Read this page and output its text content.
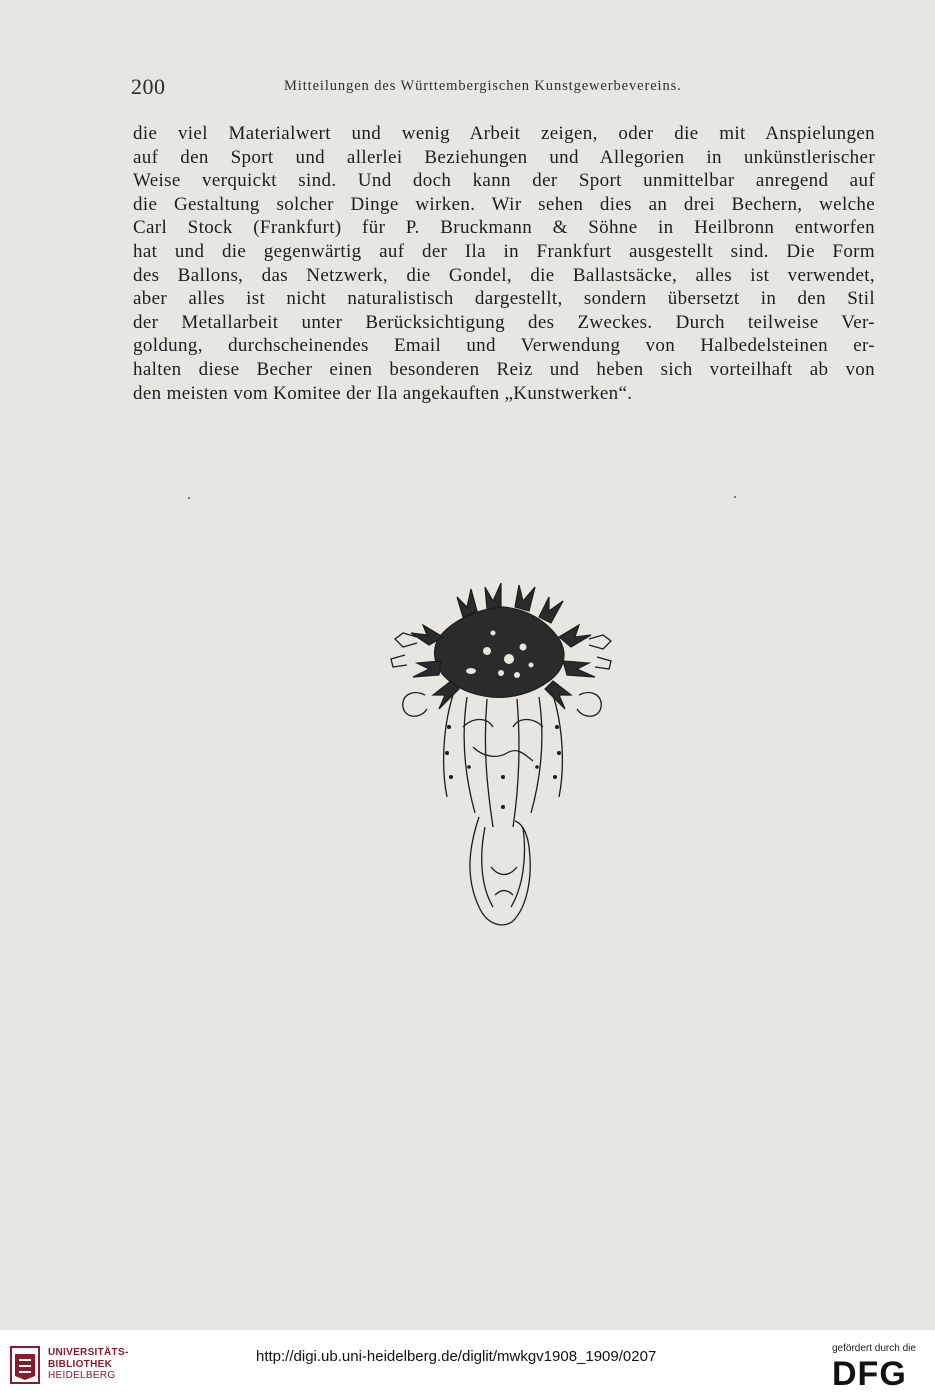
200	Mitteilungen des Württembergischen Kunstgewerbevereins.

die viel Materialwert und wenig Arbeit zeigen, oder die mit Anspielungen
auf den Sport und allerlei Beziehungen und Allegorien in unkünstlerischer
Weise verquickt sind. Und doch kann der Sport unmittelbar anregend auf
die Gestaltung solcher Dinge wirken. Wir sehen dies an drei Bechern, welche
Carl Stock (Frankfurt) für P. Bruckmann & Söhne in Heilbronn entworfen
hat und die gegenwärtig auf der Ila in Frankfurt ausgestellt sind. Die Form
des Ballons, das Netzwerk, die Gondel, die Ballastsäcke, alles ist verwendet,
aber alles ist nicht naturalistisch dargestellt, sondern übersetzt in den Stil
der Metallarbeit unter Berücksichtigung des Zweckes. Durch teilweise Ver-
goldung, durchscheinendes Email und Verwendung von Halbedelsteinen er-
halten diese Becher einen besonderen Reiz und heben sich vorteilhaft ab von
den meisten vom Komitee der Ila angekauften „Kunstwerken“.

UNIVERSITÄTS-
BIBLIOTHEK
HEIDELBERG
http://digi.ub.uni-heidelberg.de/diglit/mwkgv1908_1909/0207	gefördert durch die
DFG
